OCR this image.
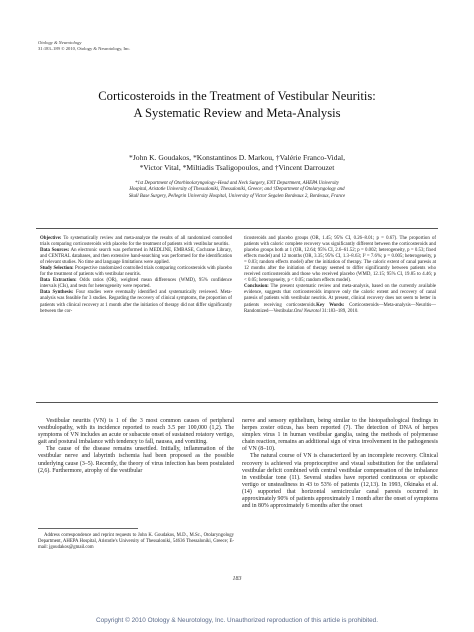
Otology & Neurotology
31:183–189 © 2010, Otology & Neurotology, Inc.
Corticosteroids in the Treatment of Vestibular Neuritis:
A Systematic Review and Meta-Analysis
*John K. Goudakos, *Konstantinos D. Markou, †Valérie Franco-Vidal,
*Victor Vital, *Miltiadis Tsaligopoulos, and †Vincent Darrouzet
*1st Department of Otorhinolaryngology–Head and Neck Surgery, ENT Department, AHEPA University
Hospital, Aristotle University of Thessaloniki, Thessaloniki, Greece; and †Department of Otolaryngology and
Skull Base Surgery, Pellegrin University Hospital, University of Victor Segalen Bordeaux 2, Bordeaux, France

Objective: To systematically review and meta-analyze the results of all randomized controlled trials comparing corticosteroids with placebo for the treatment of patients with vestibular neuritis.

Data Sources: An electronic search was performed in MEDLINE, EMBASE, Cochrane Library, and CENTRAL databases, and then extensive hand-searching was performed for the identification of relevant studies. No time and language limitations were applied.

Study Selection: Prospective randomized controlled trials comparing corticosteroids with placebo for the treatment of patients with vestibular neuritis.

Data Extraction: Odds ratios (OR), weighted mean differences (WMD), 95% confidence intervals (CIs), and tests for heterogeneity were reported.

Data Synthesis: Four studies were eventually identified and systematically reviewed. Meta-analysis was feasible for 3 studies. Regarding the recovery of clinical symptoms, the proportion of patients with clinical recovery at 1 month after the initiation of therapy did not differ significantly between the cor-

ticosteroids and placebo groups (OR, 1.45; 95% CI, 0.26–8.01; p = 0.67). The proportion of patients with caloric complete recovery was significantly different between the corticosteroids and placebo groups both at 1 (OR, 12.64; 95% CI, 2.6–61.52; p = 0.002; heterogeneity, p = 0.53; fixed effects model) and 12 months (OR, 3.35; 95% CI, 1.3–8.63; I² = 7.6%; p = 0.005; heterogeneity, p = 0.03; random effects model) after the initiation of therapy. The caloric extent of canal paresis at 12 months after the initiation of therapy seemed to differ significantly between patients who received corticosteroids and those who received placebo (WMD, 12.15; 95% CI, 19.85 to 4.46; p < 0.05; heterogeneity, p < 0.05; random effects model).

Conclusion: The present systematic review and meta-analysis, based on the currently available evidence, suggests that corticosteroids improve only the caloric extent and recovery of canal paresis of patients with vestibular neuritis. At present, clinical recovery does not seem to better in patients receiving corticosteroids.Key Words: Corticosteroids—Meta-analysis—Neuritis—Randomized—Vestibular.Otol Neurotol 31:183–189, 2010.

Vestibular neuritis (VN) is 1 of the 3 most common causes of peripheral vestibulopathy, with its incidence reported to reach 3.5 per 100,000 (1,2). The symptoms of VN includes an acute or subacute onset of sustained rotatory vertigo, gait and postural imbalance with tendency to fall, nausea, and vomiting.

The cause of the disease remains unsettled. Initially, inflammation of the vestibular nerve and labyrinth ischemia had been proposed as the possible underlying cause (3–5). Recently, the theory of virus infection has been postulated (2,6). Furthermore, atrophy of the vestibular

nerve and sensory epithelium, being similar to the histopathological findings in herpes zoster oticus, has been reported (7). The detection of DNA of herpes simplex virus 1 in human vestibular ganglia, using the methods of polymerase chain reaction, remains an additional sign of virus involvement in the pathogenesis of VN (8–10).

The natural course of VN is characterized by an incomplete recovery. Clinical recovery is achieved via proprioceptive and visual substitution for the unilateral vestibular deficit combined with central vestibular compensation of the imbalance in vestibular tone (11). Several studies have reported continuous or episodic vertigo or unsteadiness in 43 to 53% of patients (12,13). In 1993, Okinaka et al. (14) supported that horizontal semicircular canal paresis occurred in approximately 90% of patients approximately 1 month after the onset of symptoms and in 80% approximately 6 months after the onset

Address correspondence and reprint requests to John K. Goudakos, M.D., M.Sc., Otolaryngology Department, AHEPA Hospital, Aristotle's University of Thessaloniki, 54636 Thessaloniki, Greece; E-mail: jgoudakos@gmail.com

183
Copyright © 2010 Otology & Neurotology, Inc. Unauthorized reproduction of this article is prohibited.
